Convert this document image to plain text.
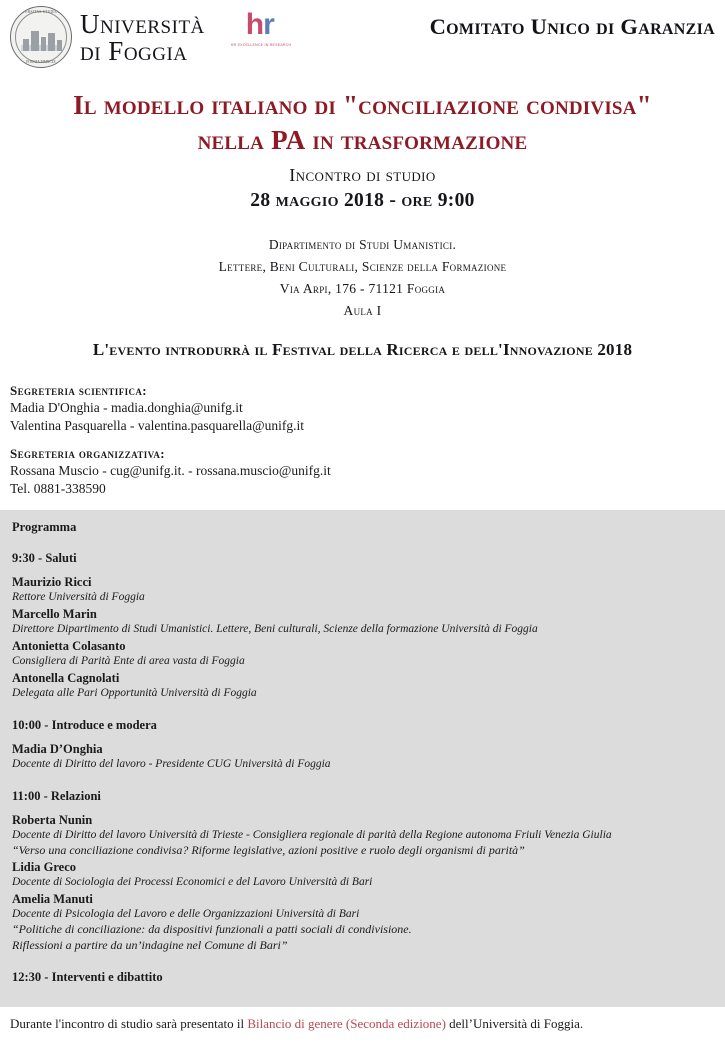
UNIVERSITAS STUDIORUM
FOGGIA MMXCIX
Università
di Foggia
hr
HR EXCELLENCE IN RESEARCH
Comitato Unico di Garanzia
Il modello italiano di "conciliazione condivisa"
nella PA in trasformazione
Incontro di studio
28 maggio 2018 - ore 9:00
Dipartimento di Studi Umanistici.
Lettere, Beni Culturali, Scienze della Formazione
Via Arpi, 176 - 71121 Foggia
Aula I
L'evento introdurrà il Festival della Ricerca e dell'Innovazione 2018
Segreteria scientifica:
Madia D'Onghia - madia.donghia@unifg.it
Valentina Pasquarella - valentina.pasquarella@unifg.it
Segreteria organizzativa:
Rossana Muscio - cug@unifg.it. - rossana.muscio@unifg.it
Tel. 0881-338590
Programma
9:30 - Saluti
Maurizio Ricci
Rettore Università di Foggia
Marcello Marin
Direttore Dipartimento di Studi Umanistici. Lettere, Beni culturali, Scienze della formazione Università di Foggia
Antonietta Colasanto
Consigliera di Parità Ente di area vasta di Foggia
Antonella Cagnolati
Delegata alle Pari Opportunità Università di Foggia
10:00 - Introduce e modera
Madia D’Onghia
Docente di Diritto del lavoro - Presidente CUG Università di Foggia
11:00 - Relazioni
Roberta Nunin
Docente di Diritto del lavoro Università di Trieste - Consigliera regionale di parità della Regione autonoma Friuli Venezia Giulia
“Verso una conciliazione condivisa? Riforme legislative, azioni positive e ruolo degli organismi di parità”
Lidia Greco
Docente di Sociologia dei Processi Economici e del Lavoro Università di Bari
Amelia Manuti
Docente di Psicologia del Lavoro e delle Organizzazioni Università di Bari
“Politiche di conciliazione: da dispositivi funzionali a patti sociali di condivisione.
Riflessioni a partire da un’indagine nel Comune di Bari”
12:30 - Interventi e dibattito
Durante l'incontro di studio sarà presentato il Bilancio di genere (Seconda edizione) dell’Università di Foggia.
